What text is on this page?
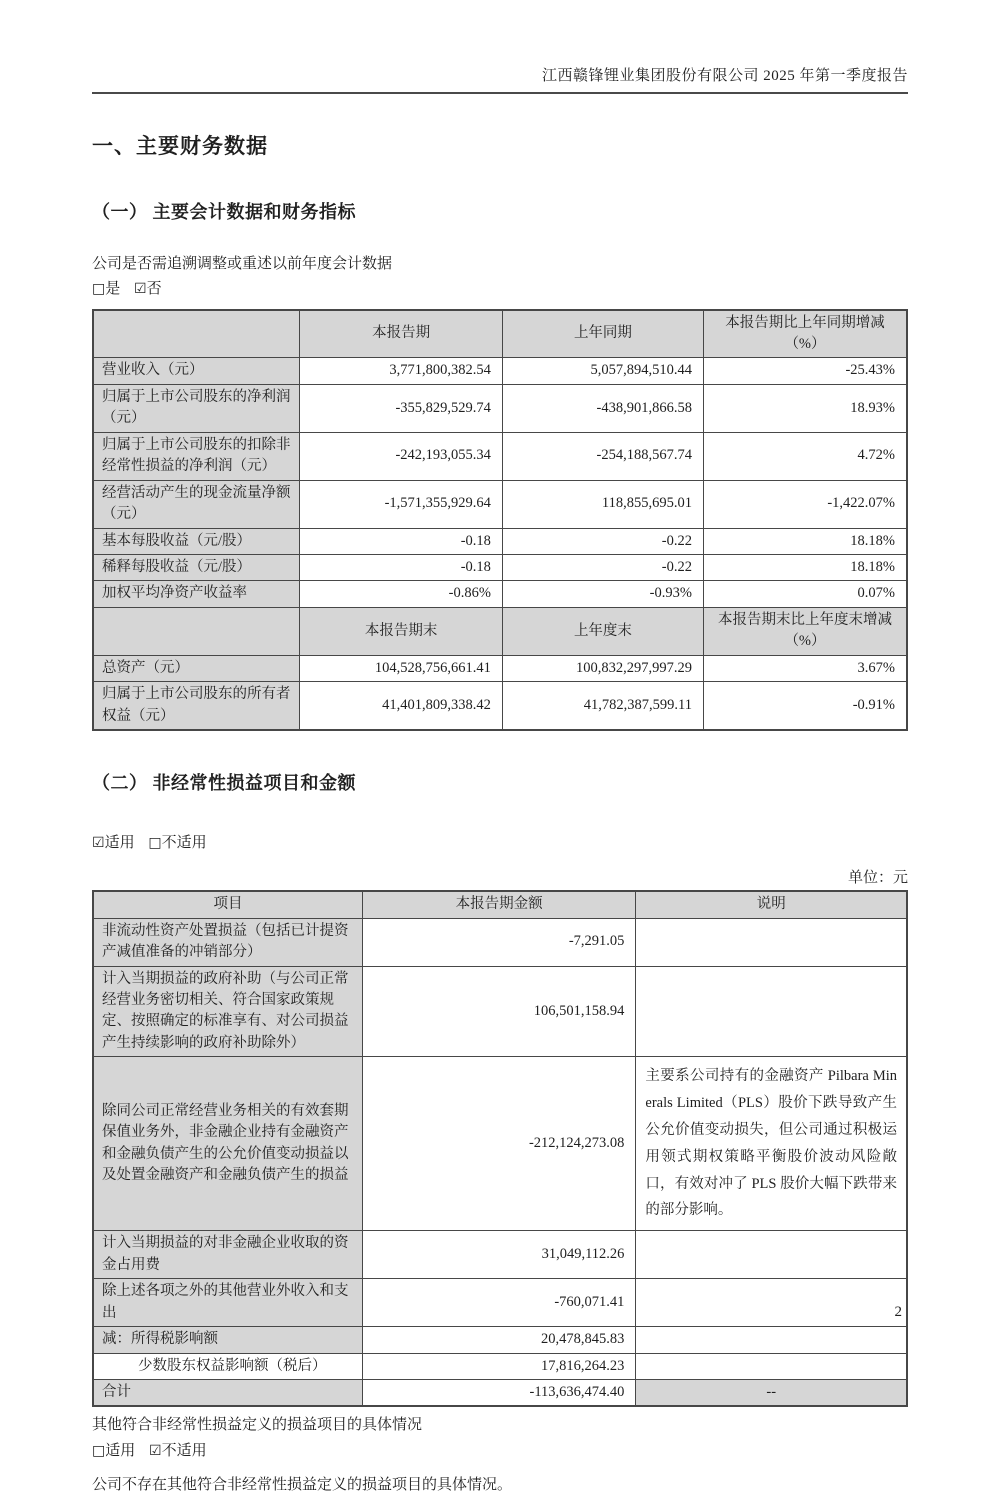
江西赣锋锂业集团股份有限公司 2025 年第一季度报告
一、主要财务数据
（一） 主要会计数据和财务指标
公司是否需追溯调整或重述以前年度会计数据
□是 ☑否
	本报告期	上年同期	本报告期比上年同期增减（%）
营业收入（元）	3,771,800,382.54	5,057,894,510.44	-25.43%
归属于上市公司股东的净利润（元）	-355,829,529.74	-438,901,866.58	18.93%
归属于上市公司股东的扣除非经常性损益的净利润（元）	-242,193,055.34	-254,188,567.74	4.72%
经营活动产生的现金流量净额（元）	-1,571,355,929.64	118,855,695.01	-1,422.07%
基本每股收益（元/股）	-0.18	-0.22	18.18%
稀释每股收益（元/股）	-0.18	-0.22	18.18%
加权平均净资产收益率	-0.86%	-0.93%	0.07%
	本报告期末	上年度末	本报告期末比上年度末增减（%）
总资产（元）	104,528,756,661.41	100,832,297,997.29	3.67%
归属于上市公司股东的所有者权益（元）	41,401,809,338.42	41,782,387,599.11	-0.91%
（二） 非经常性损益项目和金额
☑适用 □不适用
单位：元
项目	本报告期金额	说明
非流动性资产处置损益（包括已计提资产减值准备的冲销部分）	-7,291.05	
计入当期损益的政府补助（与公司正常经营业务密切相关、符合国家政策规定、按照确定的标准享有、对公司损益产生持续影响的政府补助除外）	106,501,158.94	
除同公司正常经营业务相关的有效套期保值业务外，非金融企业持有金融资产和金融负债产生的公允价值变动损益以及处置金融资产和金融负债产生的损益	-212,124,273.08	主要系公司持有的金融资产 Pilbara Minerals Limited（PLS）股价下跌导致产生公允价值变动损失，但公司通过积极运用领式期权策略平衡股价波动风险敞口，有效对冲了 PLS 股价大幅下跌带来的部分影响。
计入当期损益的对非金融企业收取的资金占用费	31,049,112.26	
除上述各项之外的其他营业外收入和支出	-760,071.41	
减：所得税影响额	20,478,845.83	
少数股东权益影响额（税后）	17,816,264.23	
合计	-113,636,474.40	--
其他符合非经常性损益定义的损益项目的具体情况
□适用 ☑不适用
公司不存在其他符合非经常性损益定义的损益项目的具体情况。
2
